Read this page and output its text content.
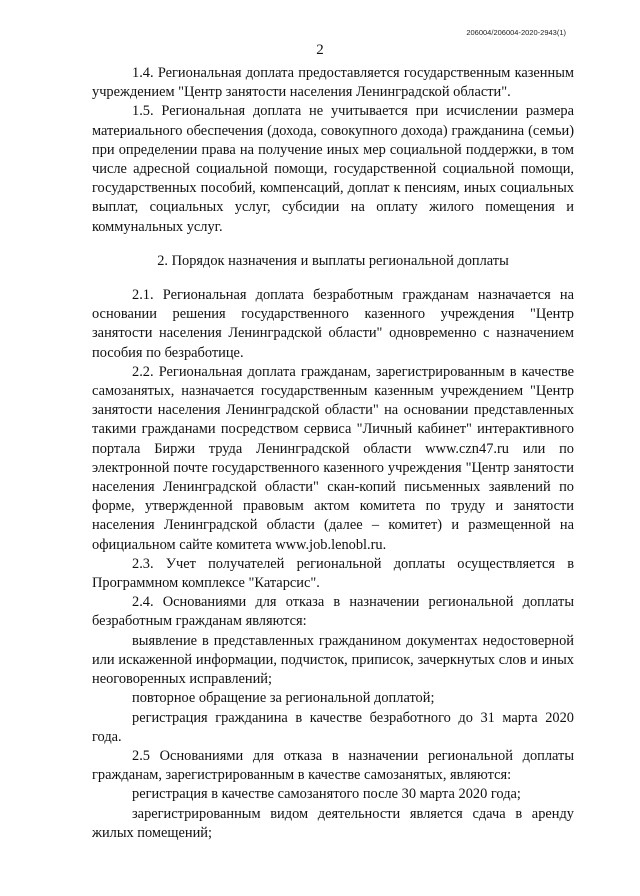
206004/206004-2020-2943(1)
2

1.4. Региональная доплата предоставляется государственным казенным учреждением "Центр занятости населения Ленинградской области".

1.5. Региональная доплата не учитывается при исчислении размера материального обеспечения (дохода, совокупного дохода) гражданина (семьи) при определении права на получение иных мер социальной поддержки, в том числе адресной социальной помощи, государственной социальной помощи, государственных пособий, компенсаций, доплат к пенсиям, иных социальных выплат, социальных услуг, субсидии на оплату жилого помещения и коммунальных услуг.

2. Порядок назначения и выплаты региональной доплаты

2.1. Региональная доплата безработным гражданам назначается на основании решения государственного казенного учреждения "Центр занятости населения Ленинградской области" одновременно с назначением пособия по безработице.

2.2. Региональная доплата гражданам, зарегистрированным в качестве самозанятых, назначается государственным казенным учреждением "Центр занятости населения Ленинградской области" на основании представленных такими гражданами посредством сервиса "Личный кабинет" интерактивного портала Биржи труда Ленинградской области www.czn47.ru или по электронной почте государственного казенного учреждения "Центр занятости населения Ленинградской области" скан-копий письменных заявлений по форме, утвержденной правовым актом комитета по труду и занятости населения Ленинградской области (далее – комитет) и размещенной на официальном сайте комитета www.job.lenobl.ru.

2.3. Учет получателей региональной доплаты осуществляется в Программном комплексе "Катарсис".

2.4. Основаниями для отказа в назначении региональной доплаты безработным гражданам являются:

выявление в представленных гражданином документах недостоверной или искаженной информации, подчисток, приписок, зачеркнутых слов и иных неоговоренных исправлений;

повторное обращение за региональной доплатой;

регистрация гражданина в качестве безработного до 31 марта 2020 года.

2.5 Основаниями для отказа в назначении региональной доплаты гражданам, зарегистрированным в качестве самозанятых, являются:

регистрация в качестве самозанятого после 30 марта 2020 года;

зарегистрированным видом деятельности является сдача в аренду жилых помещений;
